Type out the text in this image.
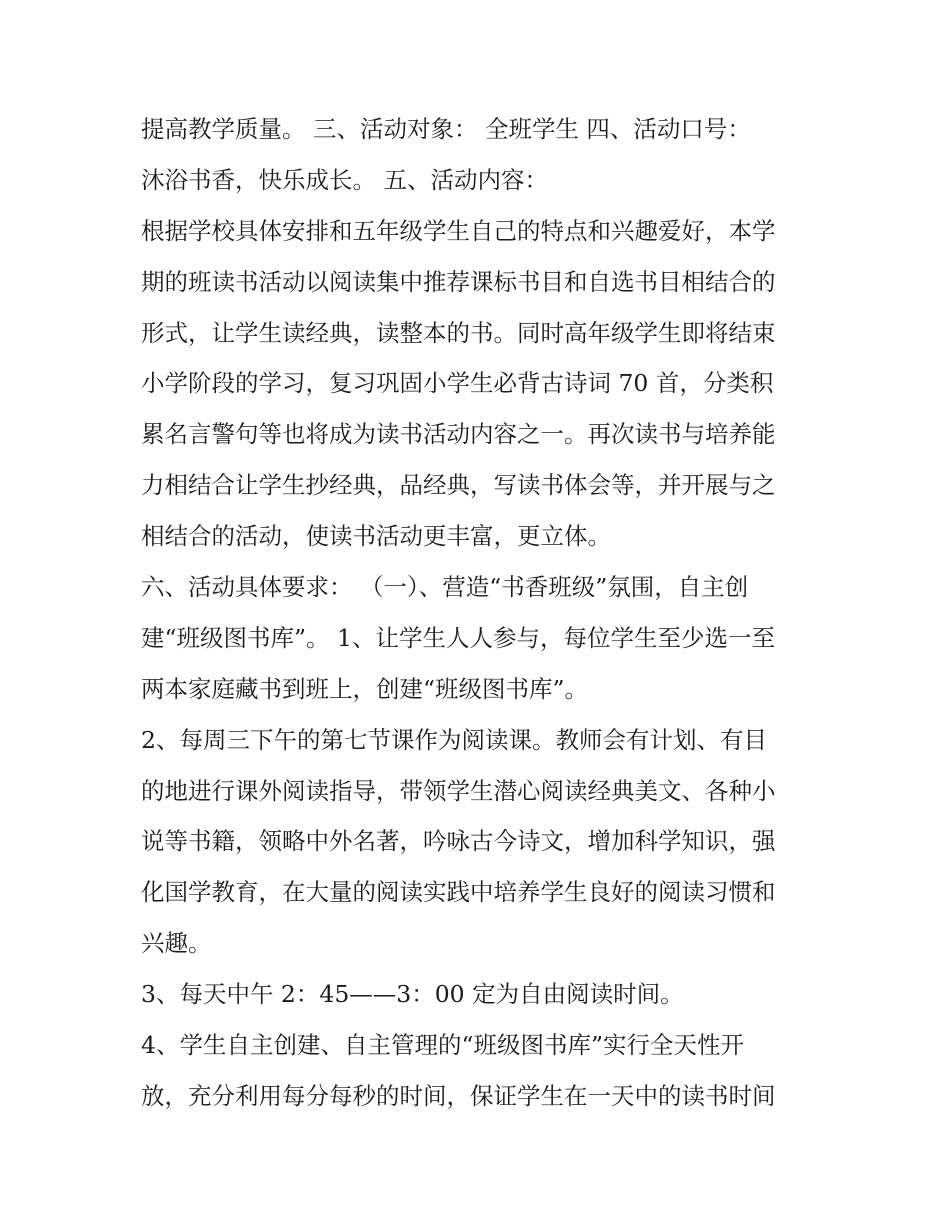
提高教学质量。 三、活动对象： 全班学生 四、活动口号：
沐浴书香，快乐成长。 五、活动内容：
根据学校具体安排和五年级学生自己的特点和兴趣爱好，本学
期的班读书活动以阅读集中推荐课标书目和自选书目相结合的
形式，让学生读经典，读整本的书。同时高年级学生即将结束
小学阶段的学习，复习巩固小学生必背古诗词 70 首，分类积
累名言警句等也将成为读书活动内容之一。再次读书与培养能
力相结合让学生抄经典，品经典，写读书体会等，并开展与之
相结合的活动，使读书活动更丰富，更立体。
六、活动具体要求： （一）、营造“书香班级”氛围，自主创
建“班级图书库”。 1、让学生人人参与，每位学生至少选一至
两本家庭藏书到班上，创建“班级图书库”。
2、每周三下午的第七节课作为阅读课。教师会有计划、有目
的地进行课外阅读指导，带领学生潜心阅读经典美文、各种小
说等书籍，领略中外名著，吟咏古今诗文，增加科学知识，强
化国学教育，在大量的阅读实践中培养学生良好的阅读习惯和
兴趣。
3、每天中午 2：45——3：00 定为自由阅读时间。
4、学生自主创建、自主管理的“班级图书库”实行全天性开
放，充分利用每分每秒的时间，保证学生在一天中的读书时间
